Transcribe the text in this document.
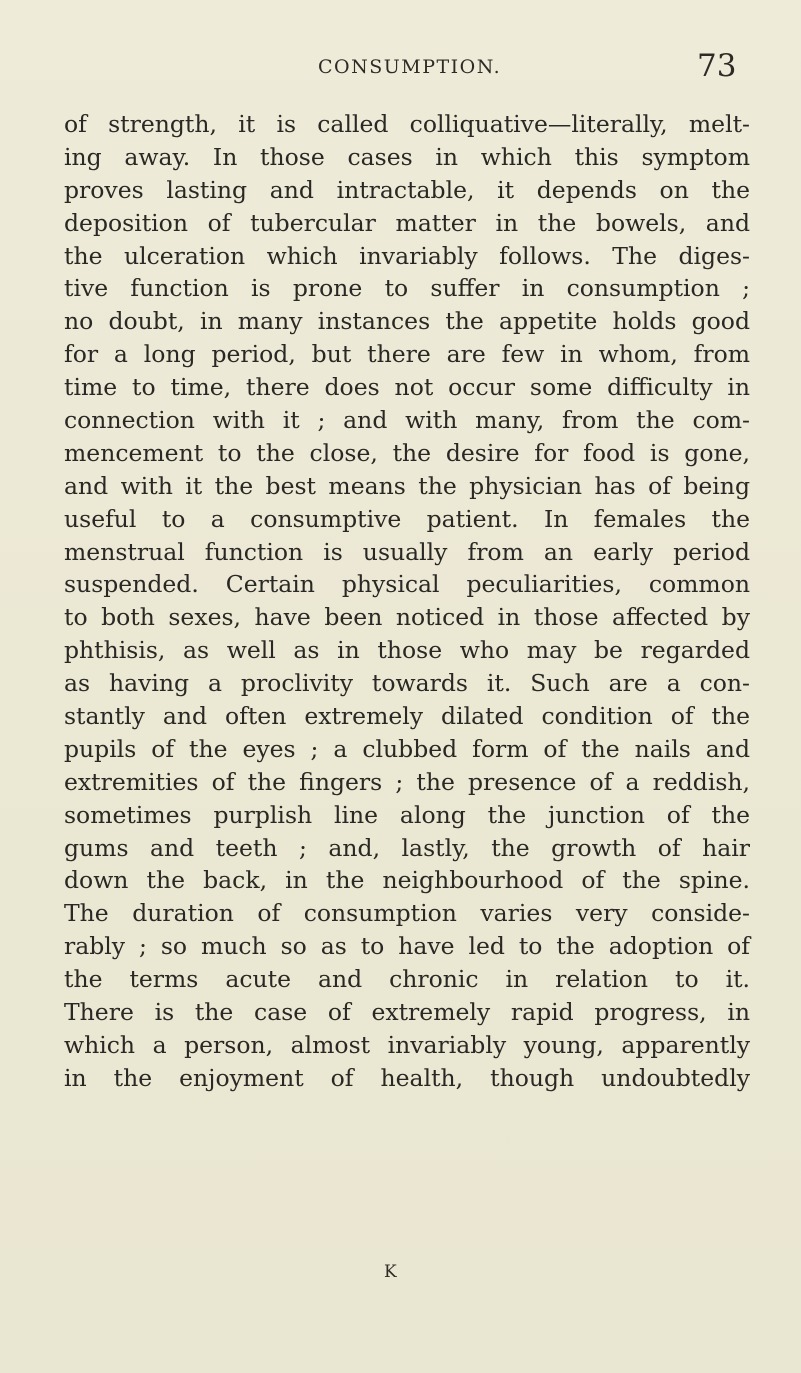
CONSUMPTION.	73
of strength, it is called colliquative—literally, melt-
ing away. In those cases in which this symptom
proves lasting and intractable, it depends on the
deposition of tubercular matter in the bowels, and
the ulceration which invariably follows. The diges-
tive function is prone to suffer in consumption ;
no doubt, in many instances the appetite holds good
for a long period, but there are few in whom, from
time to time, there does not occur some difficulty in
connection with it ; and with many, from the com-
mencement to the close, the desire for food is gone,
and with it the best means the physician has of being
useful to a consumptive patient. In females the
menstrual function is usually from an early period
suspended. Certain physical peculiarities, common
to both sexes, have been noticed in those affected by
phthisis, as well as in those who may be regarded
as having a proclivity towards it. Such are a con-
stantly and often extremely dilated condition of the
pupils of the eyes ; a clubbed form of the nails and
extremities of the fingers ; the presence of a reddish,
sometimes purplish line along the junction of the
gums and teeth ; and, lastly, the growth of hair
down the back, in the neighbourhood of the spine.
The duration of consumption varies very conside-
rably ; so much so as to have led to the adoption of
the terms acute and chronic in relation to it.
There is the case of extremely rapid progress, in
which a person, almost invariably young, apparently
in the enjoyment of health, though undoubtedly
K
